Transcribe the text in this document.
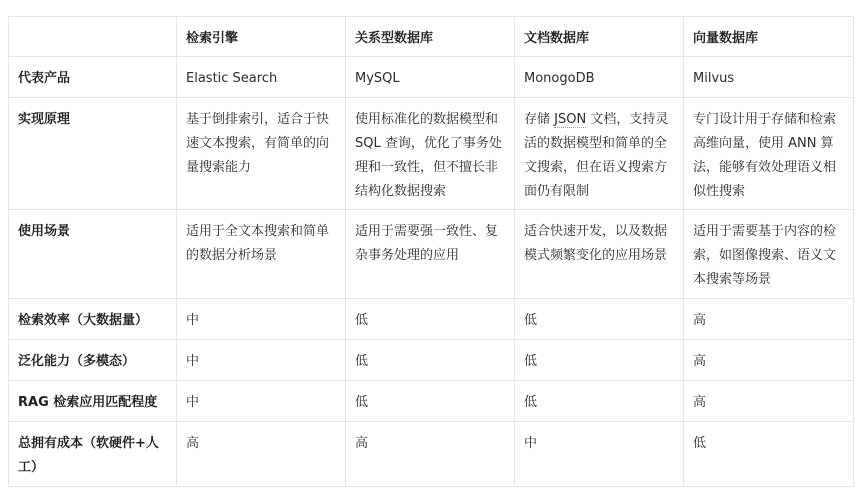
	检索引擎	关系型数据库	文档数据库	向量数据库
代表产品	Elastic Search	MySQL	MonogoDB	Milvus
实现原理	基于倒排索引，适合于快速文本搜索，有简单的向量搜索能力	使用标准化的数据模型和 SQL 查询，优化了事务处理和一致性，但不擅长非结构化数据搜索	存储 JSON 文档，支持灵活的数据模型和简单的全文搜索，但在语义搜索方面仍有限制	专门设计用于存储和检索高维向量，使用 ANN 算法，能够有效处理语义相似性搜索
使用场景	适用于全文本搜索和简单的数据分析场景	适用于需要强一致性、复杂事务处理的应用	适合快速开发，以及数据模式频繁变化的应用场景	适用于需要基于内容的检索，如图像搜索、语义文本搜索等场景
检索效率（大数据量）	中	低	低	高
泛化能力（多模态）	中	低	低	高
RAG 检索应用匹配程度	中	低	低	高
总拥有成本（软硬件+人工）	高	高	中	低
